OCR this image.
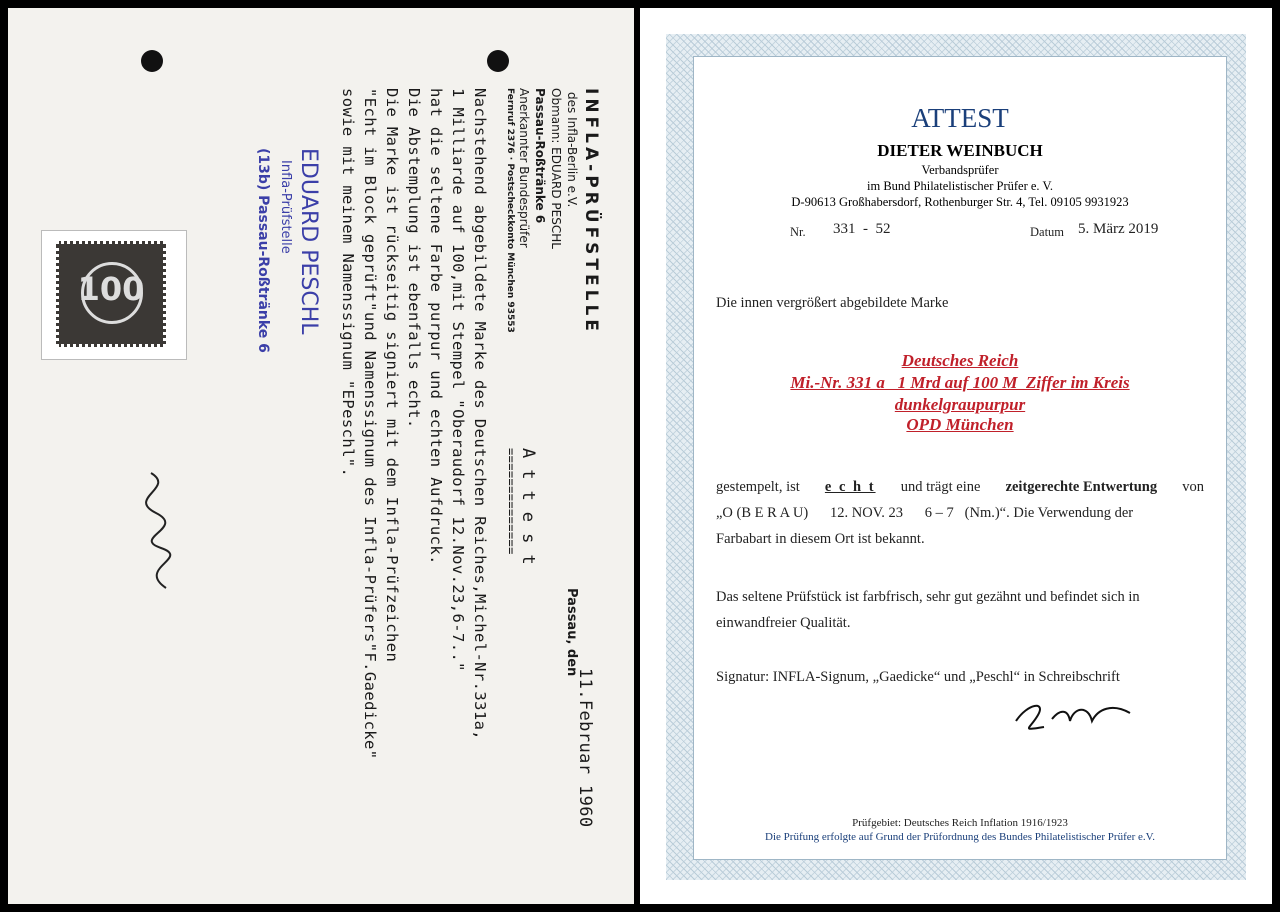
INFLA-PRÜFSTELLE
des Infla-Berlin e.V.
Obmann: EDUARD PESCHL
Passau-Roßtränke 6
Anerkannter Bundesprüfer
Fernruf 2376 · Postscheckkonto München 93553
Passau, den
11.Februar 1960
A t t e s t
==============
Nachstehend abgebildete Marke des Deutschen Reiches,Michel-Nr.331a,
1 Milliarde auf 100,mit Stempel "Oberaudorf 12.Nov.23,6-7.."
hat die seltene Farbe purpur und echten Aufdruck.
Die Abstemplung ist ebenfalls echt.
Die Marke ist rückseitig signiert mit dem Infla-Prüfzeichen
"Echt im Block geprüft"und Namenssignum des Infla-Prüfers"F.Gaedicke"
sowie mit meinem Namenssignum "EPeschl".
EDUARD PESCHL
Infla-Prüfstelle
(13b) Passau-Roßtränke 6
100
ATTEST
DIETER WEINBUCH
Verbandsprüfer
im Bund Philatelistischer Prüfer e. V.
D-90613 Großhabersdorf, Rothenburger Str. 4, Tel. 09105 9931923
Nr. 331  -  52	Datum 5. März 2019
Die innen vergrößert abgebildete Marke
Deutsches Reich
Mi.-Nr. 331 a   1 Mrd auf 100 M  Ziffer im Kreis
dunkelgraupurpur
OPD München
gestempelt, ist e c h t und trägt eine zeitgerechte Entwertung von
„O (B E R A U)      12. NOV. 23      6 – 7   (Nm.)“. Die Verwendung der
Farbabart in diesem Ort ist bekannt.
Das seltene Prüfstück ist farbfrisch, sehr gut gezähnt und befindet sich in
einwandfreier Qualität.
Signatur: INFLA-Signum, „Gaedicke“ und „Peschl“ in Schreibschrift
Prüfgebiet: Deutsches Reich Inflation 1916/1923
Die Prüfung erfolgte auf Grund der Prüfordnung des Bundes Philatelistischer Prüfer e.V.
